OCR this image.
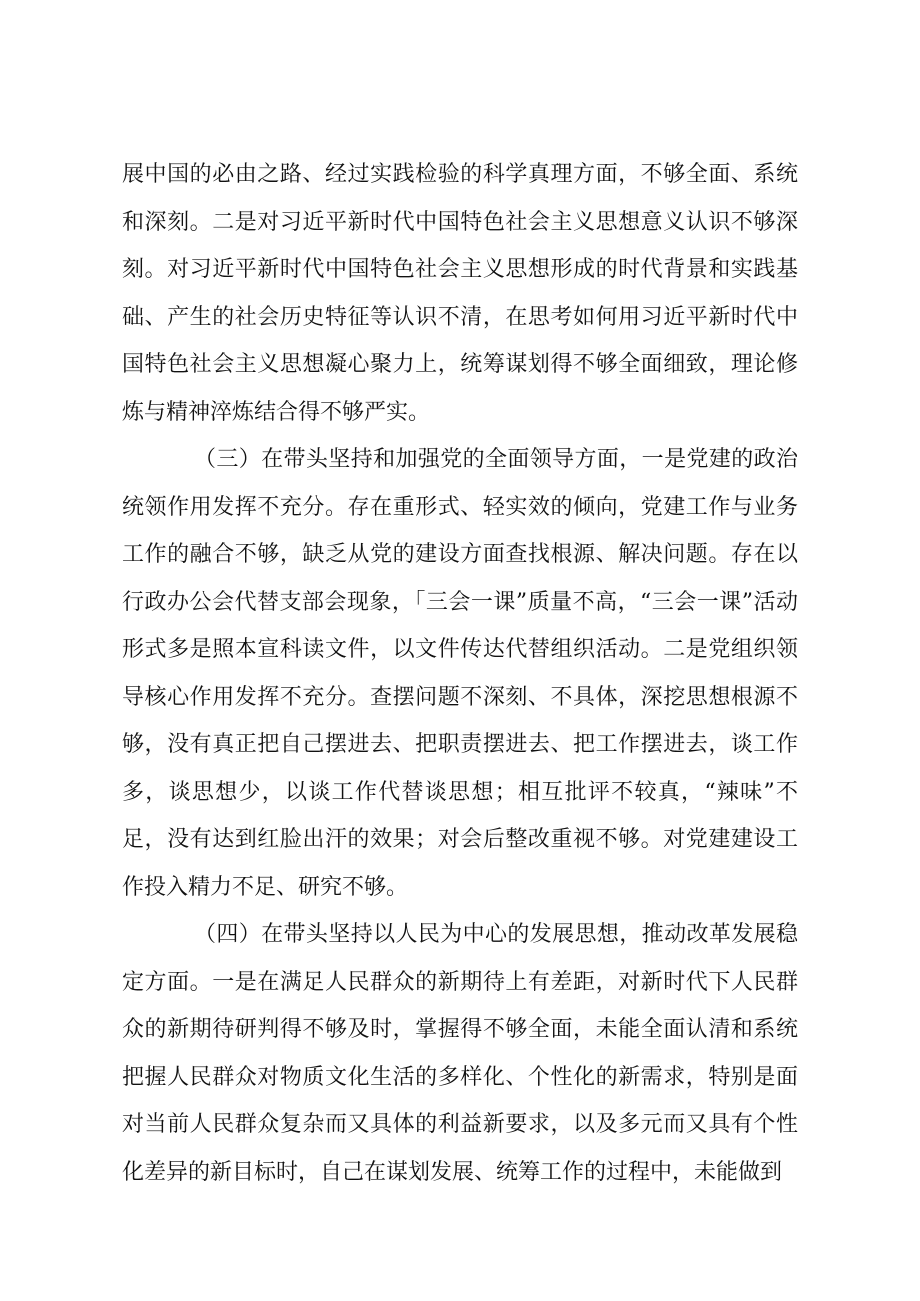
展中国的必由之路、经过实践检验的科学真理方面，不够全面、系统和深刻。二是对习近平新时代中国特色社会主义思想意义认识不够深刻。对习近平新时代中国特色社会主义思想形成的时代背景和实践基础、产生的社会历史特征等认识不清，在思考如何用习近平新时代中国特色社会主义思想凝心聚力上，统筹谋划得不够全面细致，理论修炼与精神淬炼结合得不够严实。

（三）在带头坚持和加强党的全面领导方面，一是党建的政治统领作用发挥不充分。存在重形式、轻实效的倾向，党建工作与业务工作的融合不够，缺乏从党的建设方面查找根源、解决问题。存在以行政办公会代替支部会现象，「三会一课”质量不高，“三会一课”活动形式多是照本宣科读文件，以文件传达代替组织活动。二是党组织领导核心作用发挥不充分。查摆问题不深刻、不具体，深挖思想根源不够，没有真正把自己摆进去、把职责摆进去、把工作摆进去，谈工作多，谈思想少，以谈工作代替谈思想；相互批评不较真，“辣味”不足，没有达到红脸出汗的效果；对会后整改重视不够。对党建建设工作投入精力不足、研究不够。

（四）在带头坚持以人民为中心的发展思想，推动改革发展稳定方面。一是在满足人民群众的新期待上有差距，对新时代下人民群众的新期待研判得不够及时，掌握得不够全面，未能全面认清和系统把握人民群众对物质文化生活的多样化、个性化的新需求，特别是面对当前人民群众复杂而又具体的利益新要求，以及多元而又具有个性化差异的新目标时，自己在谋划发展、统筹工作的过程中，未能做到
